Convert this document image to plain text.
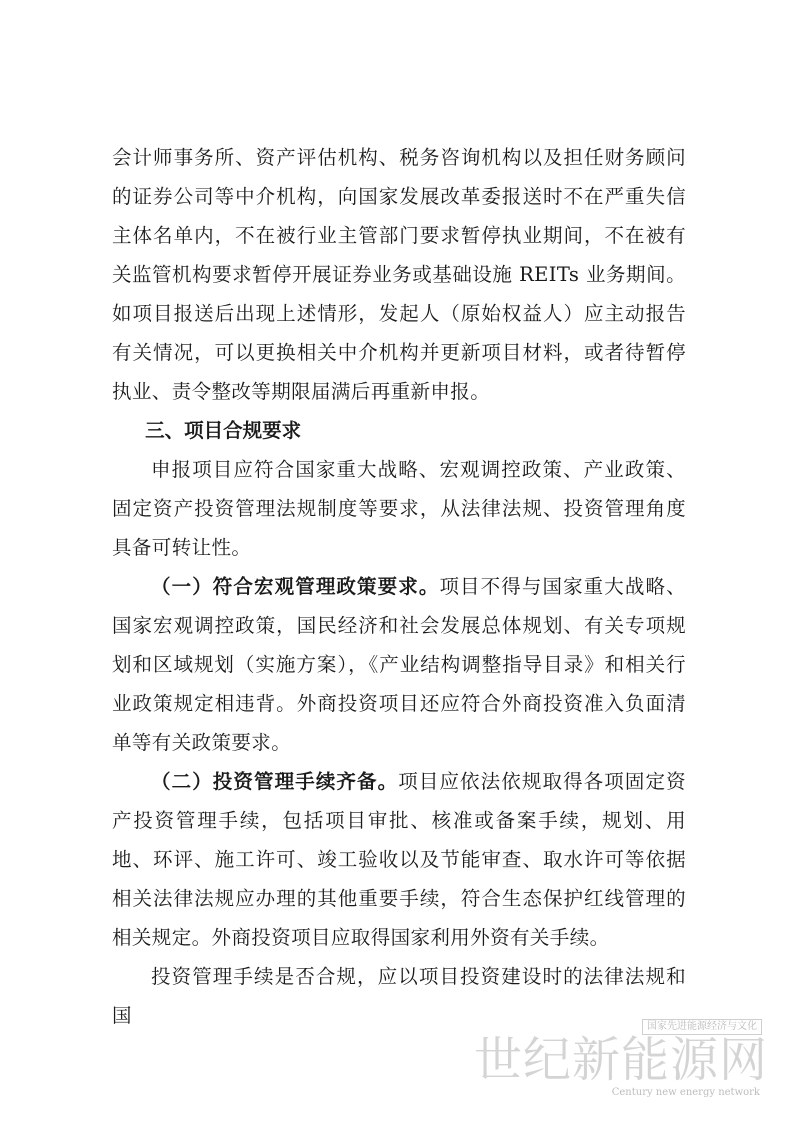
会计师事务所、资产评估机构、税务咨询机构以及担任财务顾问的证券公司等中介机构，向国家发展改革委报送时不在严重失信主体名单内，不在被行业主管部门要求暂停执业期间，不在被有关监管机构要求暂停开展证券业务或基础设施 REITs 业务期间。如项目报送后出现上述情形，发起人（原始权益人）应主动报告有关情况，可以更换相关中介机构并更新项目材料，或者待暂停执业、责令整改等期限届满后再重新申报。

三、项目合规要求

申报项目应符合国家重大战略、宏观调控政策、产业政策、固定资产投资管理法规制度等要求，从法律法规、投资管理角度具备可转让性。

（一）符合宏观管理政策要求。项目不得与国家重大战略、国家宏观调控政策，国民经济和社会发展总体规划、有关专项规划和区域规划（实施方案），《产业结构调整指导目录》和相关行业政策规定相违背。外商投资项目还应符合外商投资准入负面清单等有关政策要求。

（二）投资管理手续齐备。项目应依法依规取得各项固定资产投资管理手续，包括项目审批、核准或备案手续，规划、用地、环评、施工许可、竣工验收以及节能审查、取水许可等依据相关法律法规应办理的其他重要手续，符合生态保护红线管理的相关规定。外商投资项目应取得国家利用外资有关手续。

投资管理手续是否合规，应以项目投资建设时的法律法规和国	国家先进能源经济与文化
世纪新能源网
Century new energy network
